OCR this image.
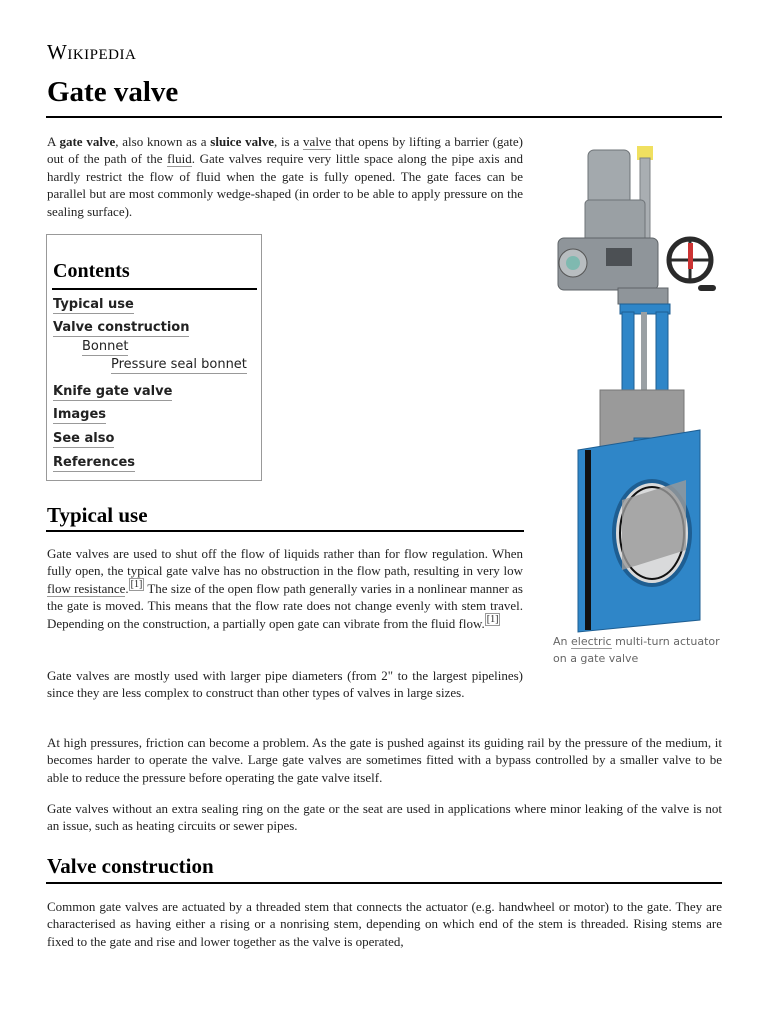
Wikipedia
Gate valve

A gate valve, also known as a sluice valve, is a valve that opens by lifting a barrier (gate) out of the path of the fluid. Gate valves require very little space along the pipe axis and hardly restrict the flow of fluid when the gate is fully opened. The gate faces can be parallel but are most commonly wedge-shaped (in order to be able to apply pressure on the sealing surface).

Contents
Typical use
Valve construction
Bonnet
Pressure seal bonnet
Knife gate valve
Images
See also
References
Typical use

Gate valves are used to shut off the flow of liquids rather than for flow regulation. When fully open, the typical gate valve has no obstruction in the flow path, resulting in very low flow resistance. [1] The size of the open flow path generally varies in a nonlinear manner as the gate is moved. This means that the flow rate does not change evenly with stem travel. Depending on the construction, a partially open gate can vibrate from the fluid flow. [1]

Gate valves are mostly used with larger pipe diameters (from 2" to the largest pipelines) since they are less complex to construct than other types of valves in large sizes.

At high pressures, friction can become a problem. As the gate is pushed against its guiding rail by the pressure of the medium, it becomes harder to operate the valve. Large gate valves are sometimes fitted with a bypass controlled by a smaller valve to be able to reduce the pressure before operating the gate valve itself.

Gate valves without an extra sealing ring on the gate or the seat are used in applications where minor leaking of the valve is not an issue, such as heating circuits or sewer pipes.

Valve construction

Common gate valves are actuated by a threaded stem that connects the actuator (e.g. handwheel or motor) to the gate. They are characterised as having either a rising or a nonrising stem, depending on which end of the stem is threaded. Rising stems are fixed to the gate and rise and lower together as the valve is operated,

An electric multi-turn actuator on a gate valve
